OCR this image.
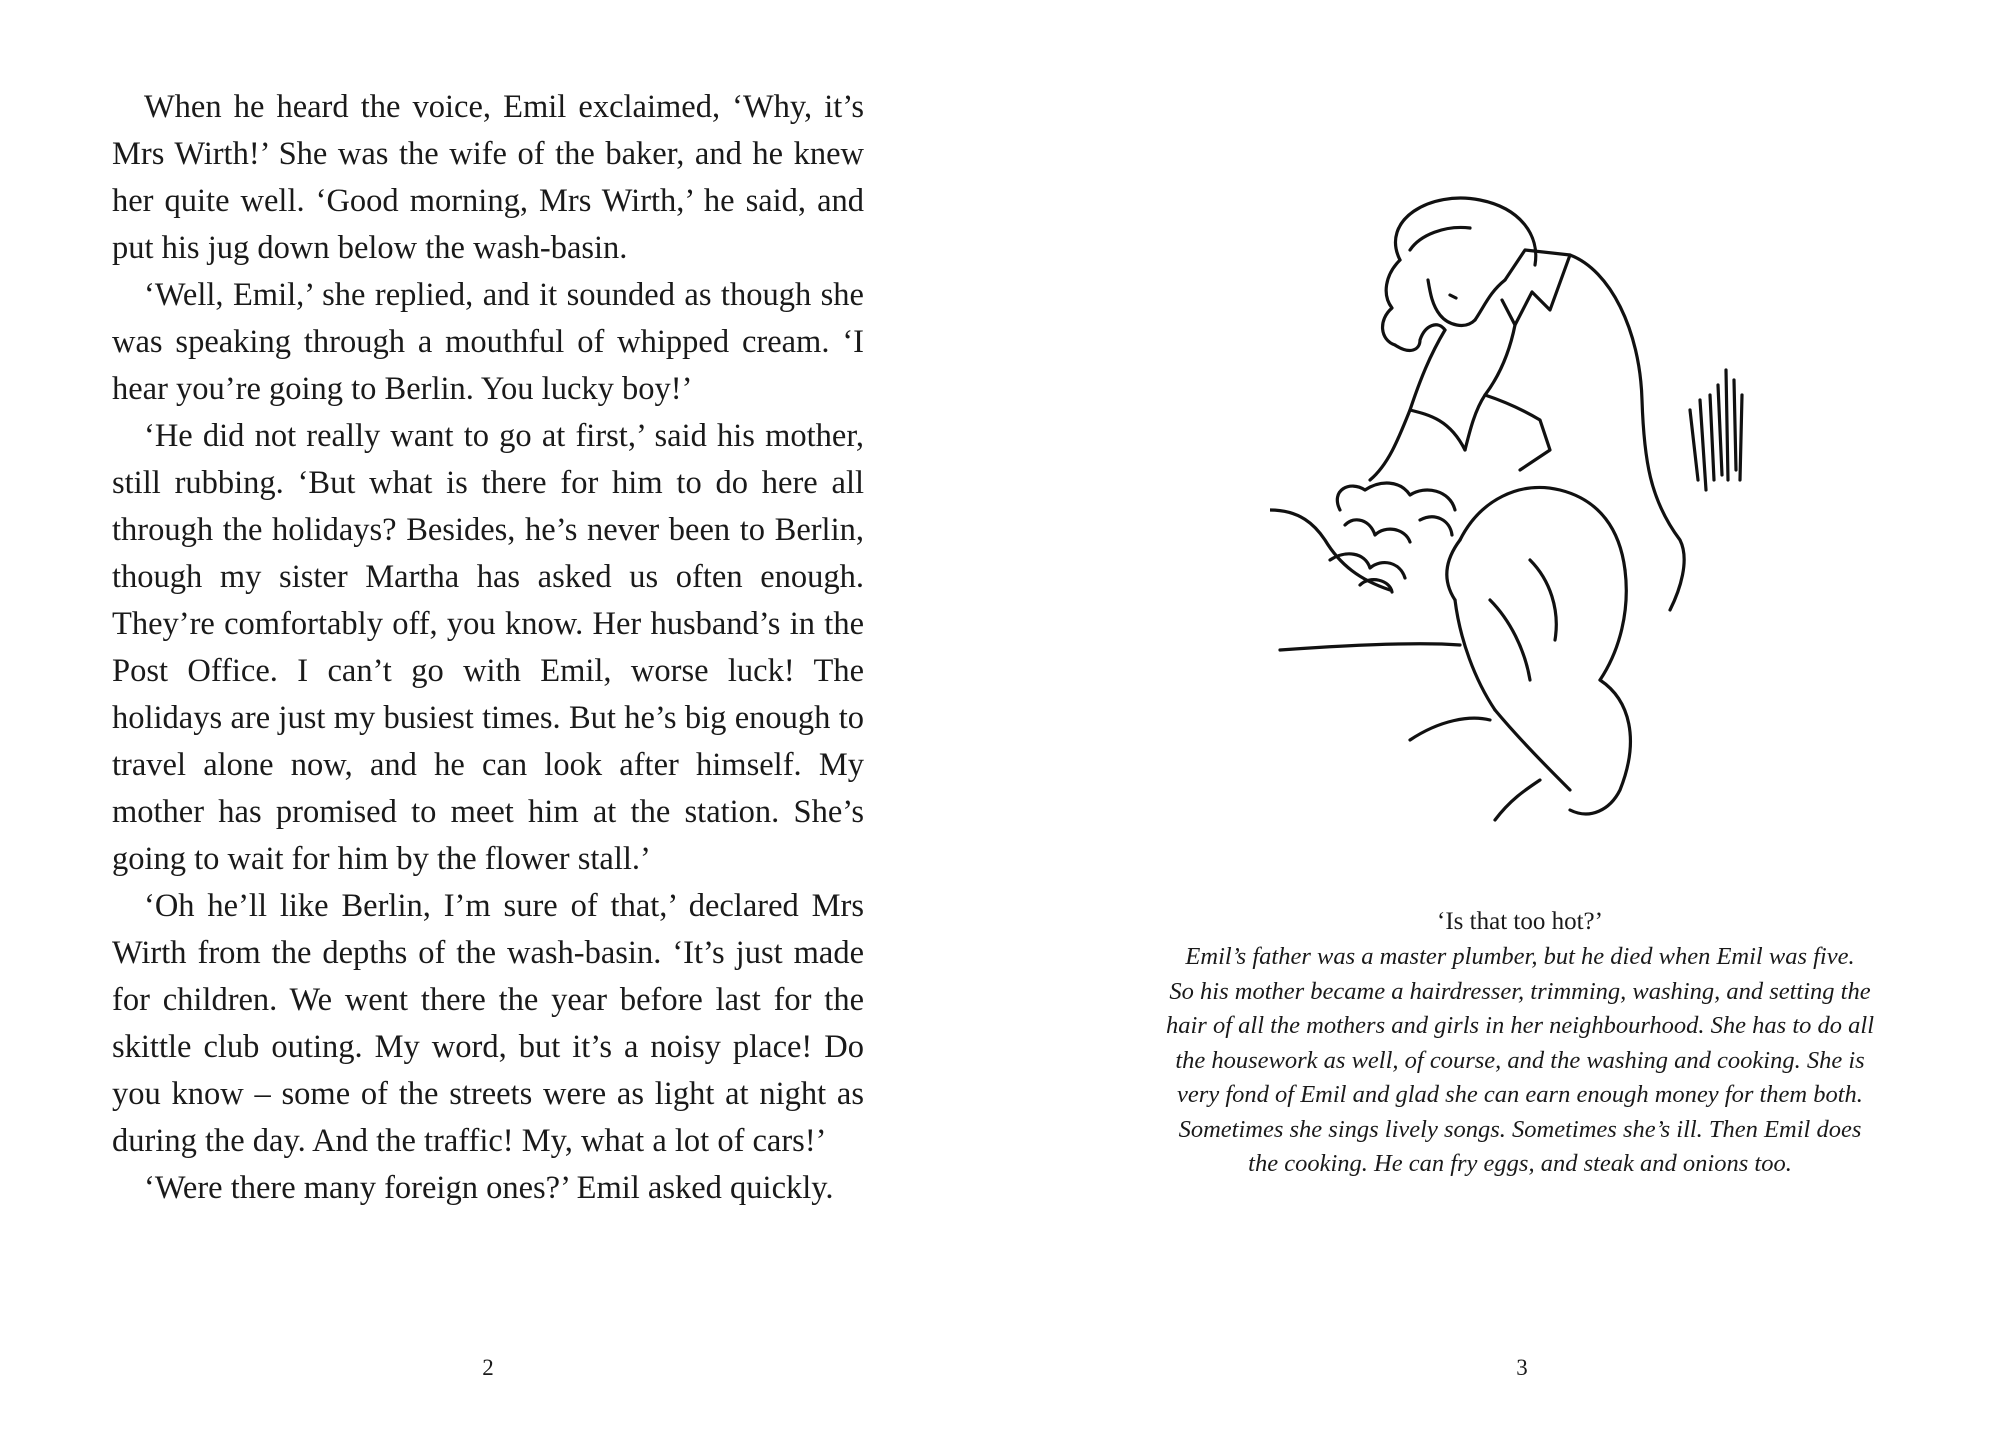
When he heard the voice, Emil exclaimed, ‘Why, it’s Mrs Wirth!’ She was the wife of the baker, and he knew her quite well. ‘Good morning, Mrs Wirth,’ he said, and put his jug down below the wash-basin.

‘Well, Emil,’ she replied, and it sounded as though she was speaking through a mouthful of whipped cream. ‘I hear you’re going to Berlin. You lucky boy!’

‘He did not really want to go at first,’ said his mother, still rubbing. ‘But what is there for him to do here all through the holidays? Besides, he’s never been to Berlin, though my sister Martha has asked us often enough. They’re comfortably off, you know. Her husband’s in the Post Office. I can’t go with Emil, worse luck! The holidays are just my busiest times. But he’s big enough to travel alone now, and he can look after himself. My mother has promised to meet him at the station. She’s going to wait for him by the flower stall.’

‘Oh he’ll like Berlin, I’m sure of that,’ declared Mrs Wirth from the depths of the wash-basin. ‘It’s just made for children. We went there the year before last for the skittle club outing. My word, but it’s a noisy place! Do you know – some of the streets were as light at night as during the day. And the traffic! My, what a lot of cars!’

‘Were there many foreign ones?’ Emil asked quickly.

2
‘Is that too hot?’
Emil’s father was a master plumber, but he died when Emil was five.
So his mother became a hairdresser, trimming, washing, and setting the
hair of all the mothers and girls in her neighbourhood. She has to do all
the housework as well, of course, and the washing and cooking. She is
very fond of Emil and glad she can earn enough money for them both.
Sometimes she sings lively songs. Sometimes she’s ill. Then Emil does
the cooking. He can fry eggs, and steak and onions too.
3
